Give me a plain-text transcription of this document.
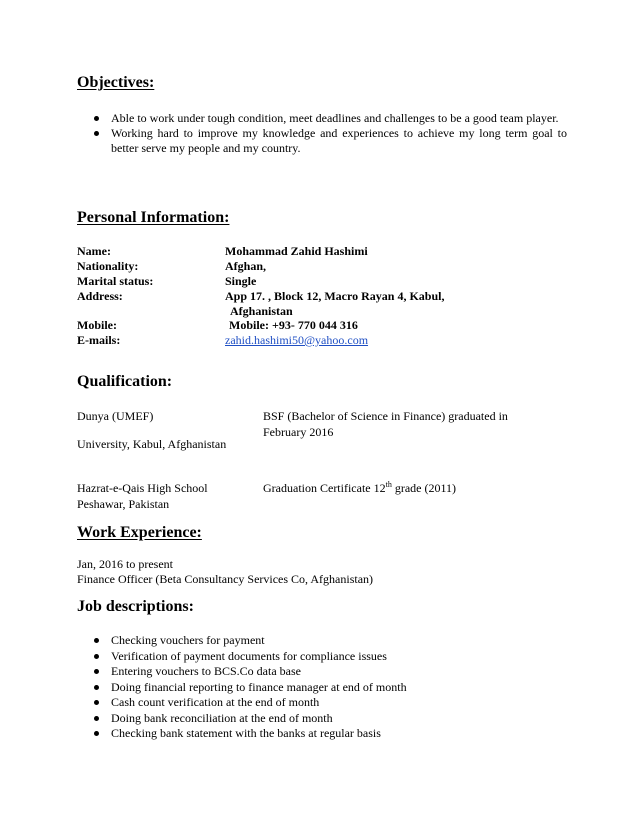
Objectives:
Able to work under tough condition, meet deadlines and challenges to be a good team player.
Working hard to improve my knowledge and experiences to achieve my long term goal to better serve my people and my country.
Personal Information:
Name:	Mohammad Zahid Hashimi
Nationality:	Afghan,
Marital status:	Single
Address:	App 17. , Block 12, Macro Rayan 4, Kabul,
Afghanistan
Mobile:	Mobile: +93- 770 044 316
E-mails:	zahid.hashimi50@yahoo.com
Qualification:
Dunya (UMEF)	BSF (Bachelor of Science in Finance) graduated in
February 2016
University, Kabul, Afghanistan
Hazrat-e-Qais High School	Graduation Certificate 12th grade (2011)
Peshawar, Pakistan
Work Experience:
Jan, 2016 to present
Finance Officer (Beta Consultancy Services Co, Afghanistan)
Job descriptions:
Checking vouchers for payment
Verification of payment documents for compliance issues
Entering vouchers to BCS.Co data base
Doing financial reporting to finance manager at end of month
Cash count verification at the end of month
Doing bank reconciliation at the end of month
Checking bank statement with the banks at regular basis
